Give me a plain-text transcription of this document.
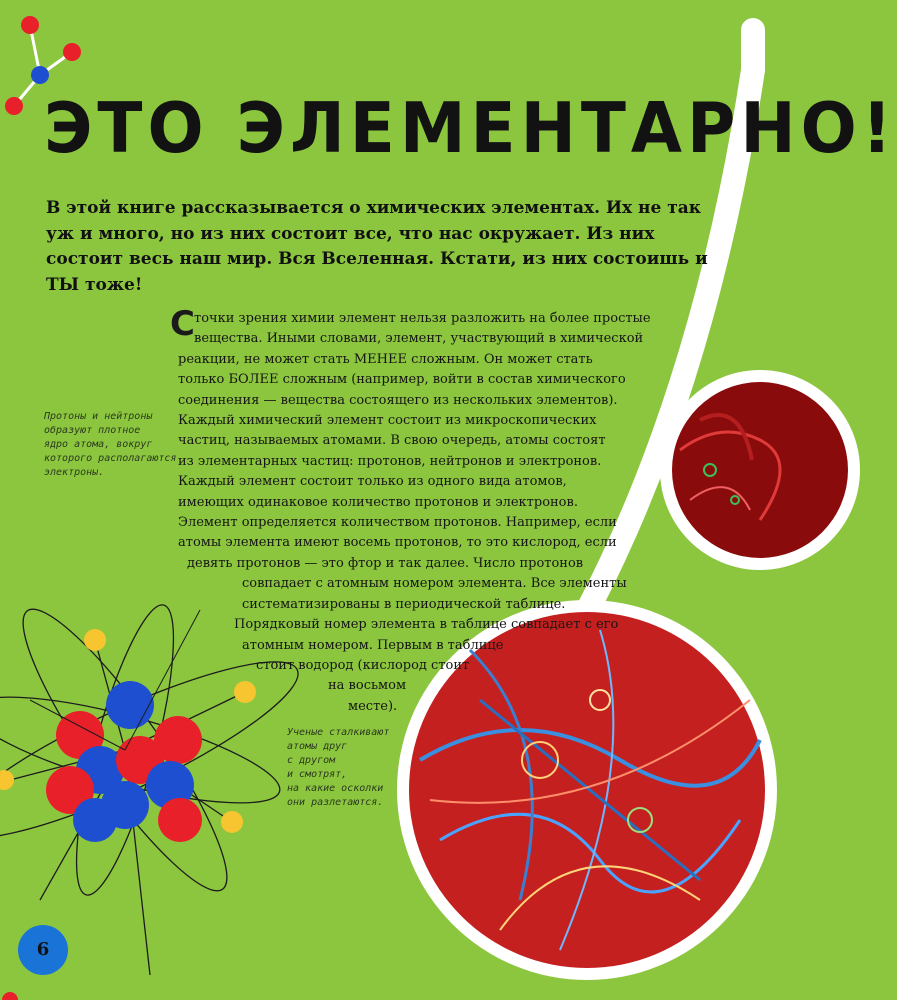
ЭТО ЭЛЕМЕНТАРНО!
В этой книге рассказывается о химических элементах. Их не так уж и много, но из них состоит все, что нас окружает. Из них состоит весь наш мир. Вся Вселенная. Кстати, из них состоишь и ТЫ тоже!
С точки зрения химии элемент нельзя разложить на более простые
вещества. Иными словами, элемент, участвующий в химической
реакции, не может стать МЕНЕЕ сложным. Он может стать
только БОЛЕЕ сложным (например, войти в состав химического
соединения — вещества состоящего из нескольких элементов).
Каждый химический элемент состоит из микроскопических
частиц, называемых атомами. В свою очередь, атомы состоят
из элементарных частиц: протонов, нейтронов и электронов.
Каждый элемент состоит только из одного вида атомов,
имеющих одинаковое количество протонов и электронов.
Элемент определяется количеством протонов. Например, если
атомы элемента имеют восемь протонов, то это кислород, если
девять протонов — это фтор и так далее. Число протонов
совпадает с атомным номером элемента. Все элементы
систематизированы в периодической таблице.
Порядковый номер элемента в таблице совпадает с его
атомным номером. Первым в таблице
стоит водород (кислород стоит
на восьмом
месте).
Протоны и нейтроны
образуют плотное
ядро атома, вокруг
которого располагаются
электроны.
Ученые сталкивают
атомы друг
с другом
и смотрят,
на какие осколки
они разлетаются.
6
